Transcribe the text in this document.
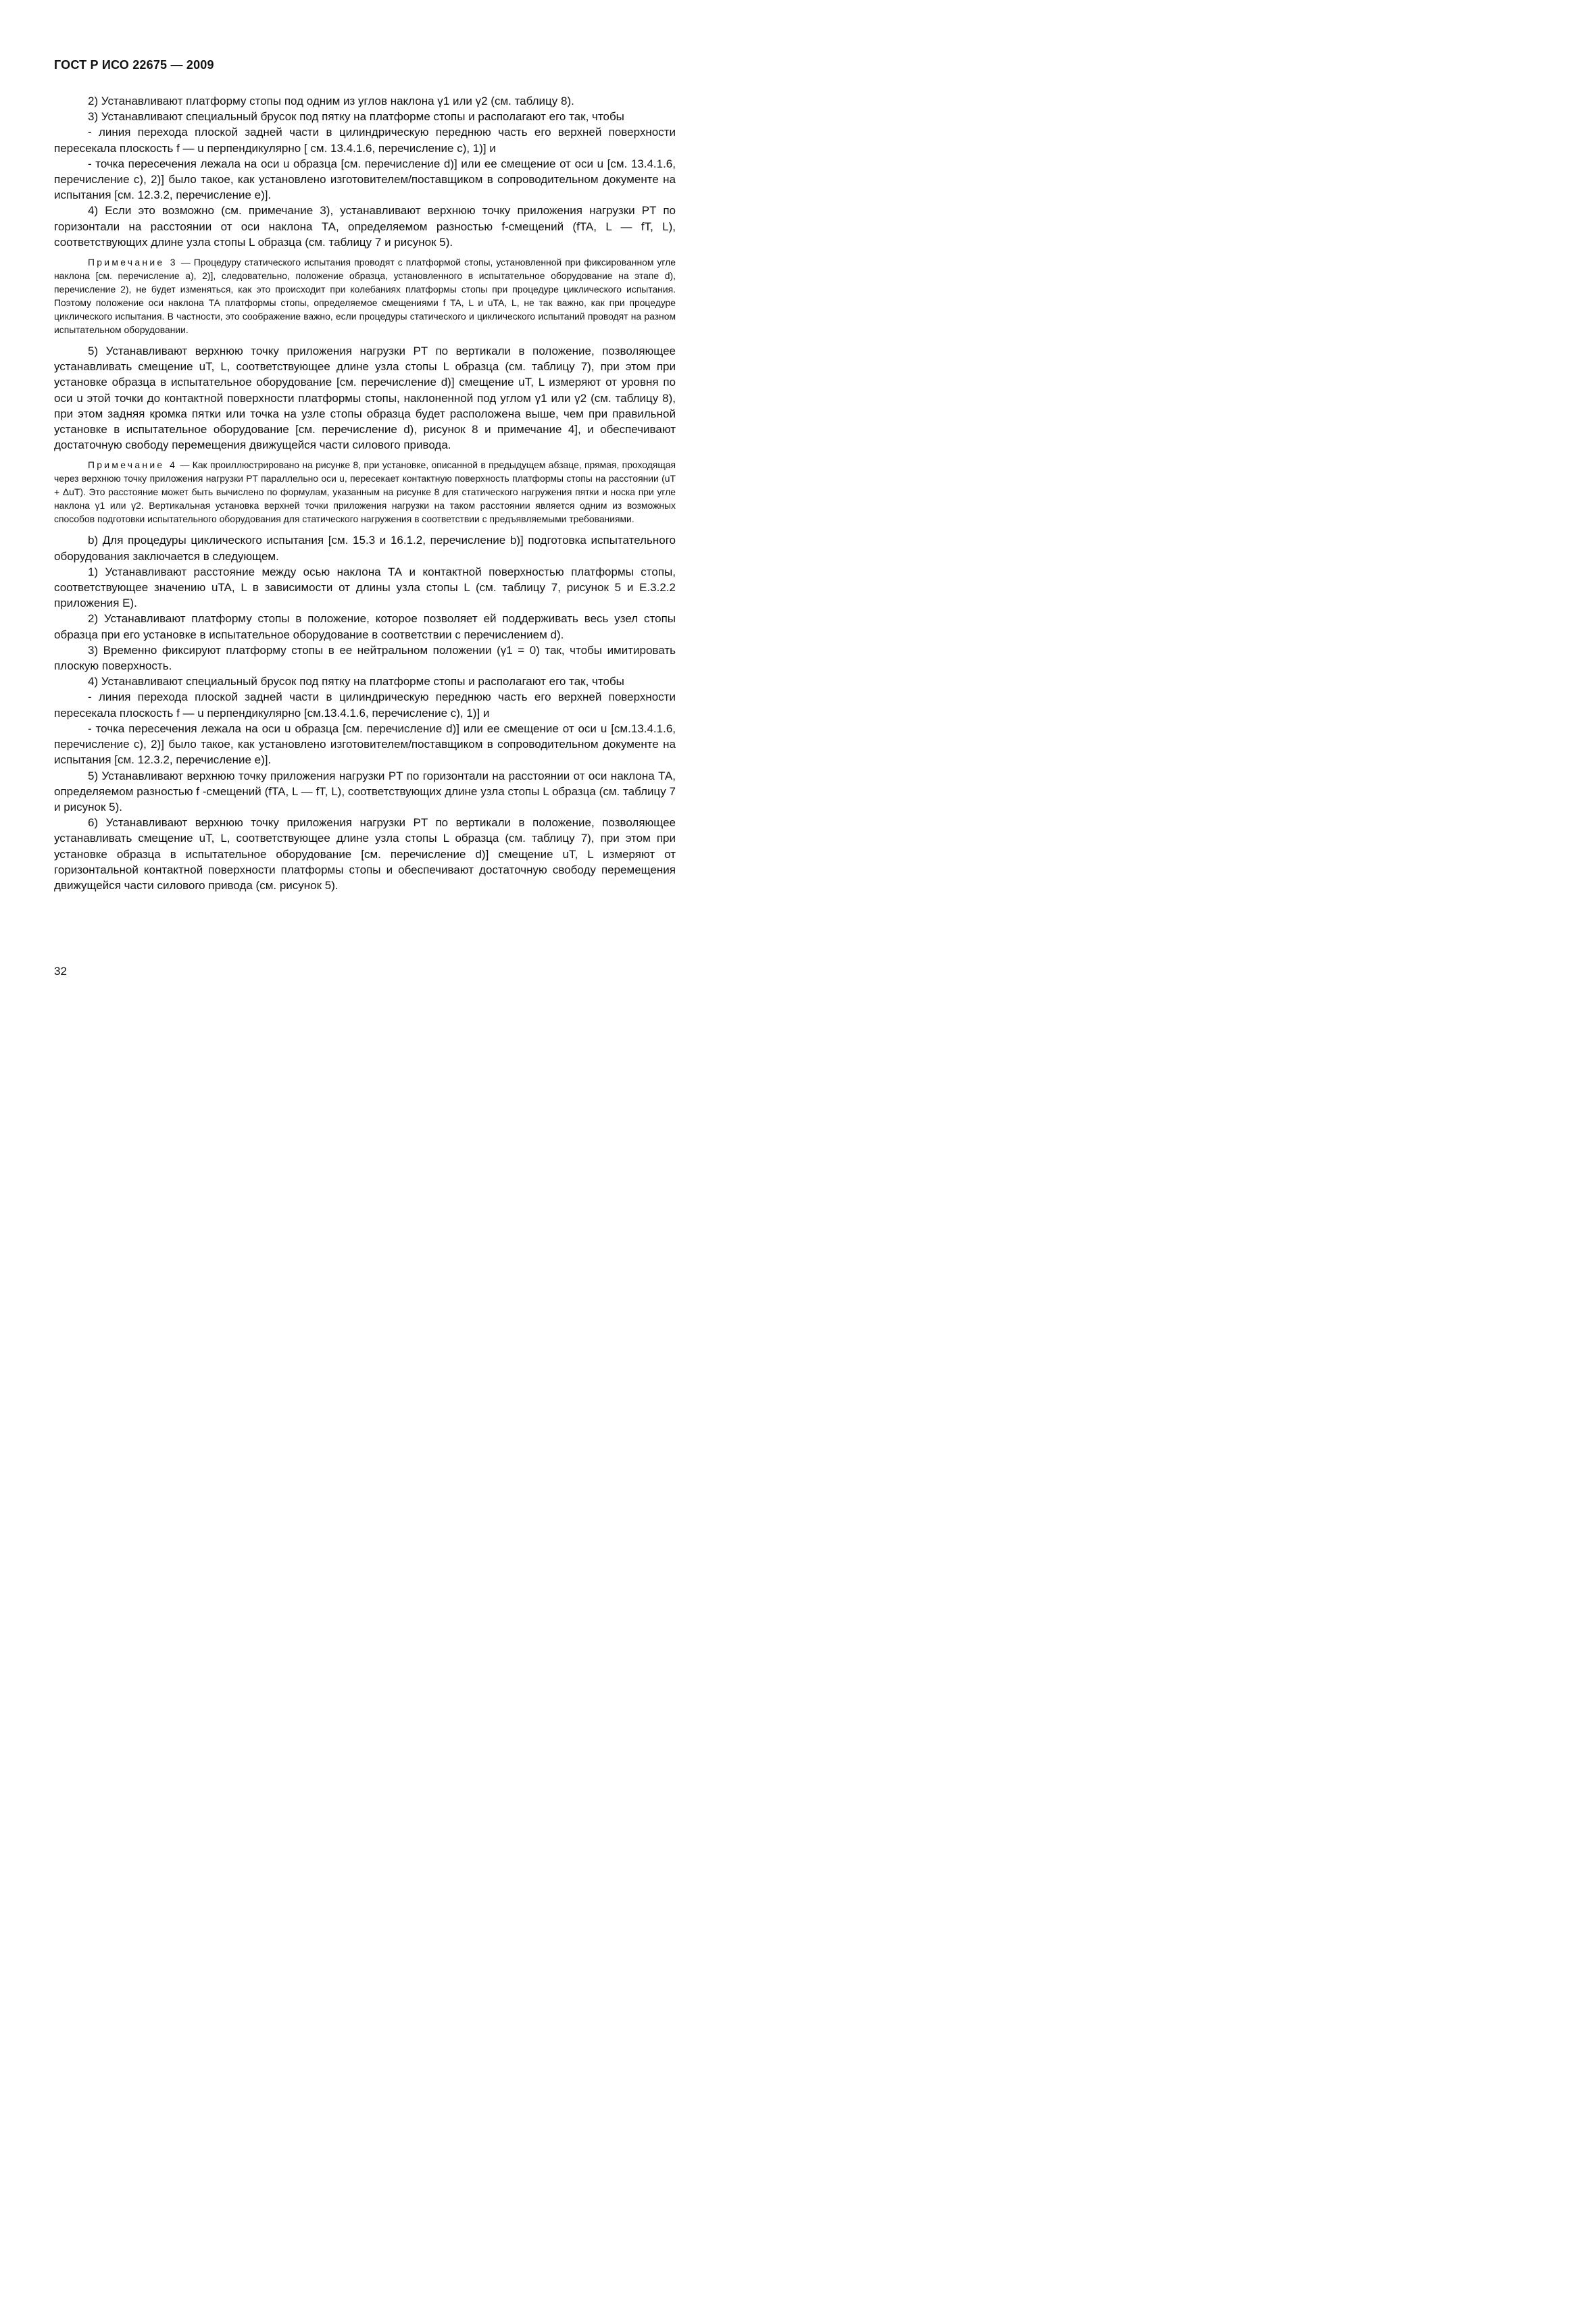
ГОСТ Р ИСО 22675 — 2009

2) Устанавливают платформу стопы под одним из углов наклона γ1 или γ2 (см. таблицу 8).

3) Устанавливают специальный брусок под пятку на платформе стопы и располагают его так, чтобы

- линия перехода плоской задней части в цилиндрическую переднюю часть его верхней поверхности пересекала плоскость f — u перпендикулярно [ см. 13.4.1.6, перечисление с), 1)] и

- точка пересечения лежала на оси u образца [см. перечисление d)] или ее смещение от оси u [см. 13.4.1.6, перечисление с), 2)] было такое, как установлено изготовителем/поставщиком в сопроводительном документе на испытания [см. 12.3.2, перечисление е)].

4) Если это возможно (см. примечание 3), устанавливают верхнюю точку приложения нагрузки PT по горизонтали на расстоянии от оси наклона ТА, определяемом разностью f-смещений (fTA, L — fT, L), соответствующих длине узла стопы L образца (см. таблицу 7 и рисунок 5).

Примечание 3 — Процедуру статического испытания проводят с платформой стопы, установленной при фиксированном угле наклона [см. перечисление а), 2)], следовательно, положение образца, установленного в испытательное оборудование на этапе d), перечисление 2), не будет изменяться, как это происходит при колебаниях платформы стопы при процедуре циклического испытания. Поэтому положение оси наклона ТА платформы стопы, определяемое смещениями f TA, L и uTA, L, не так важно, как при процедуре циклического испытания. В частности, это соображение важно, если процедуры статического и циклического испытаний проводят на разном испытательном оборудовании.

5) Устанавливают верхнюю точку приложения нагрузки PT по вертикали в положение, позволяющее устанавливать смещение uT, L, соответствующее длине узла стопы L образца (см. таблицу 7), при этом при установке образца в испытательное оборудование [см. перечисление d)] смещение uT, L измеряют от уровня по оси u этой точки до контактной поверхности платформы стопы, наклоненной под углом γ1 или γ2 (см. таблицу 8), при этом задняя кромка пятки или точка на узле стопы образца будет расположена выше, чем при правильной установке в испытательное оборудование [см. перечисление d), рисунок 8 и примечание 4], и обеспечивают достаточную свободу перемещения движущейся части силового привода.

Примечание 4 — Как проиллюстрировано на рисунке 8, при установке, описанной в предыдущем абзаце, прямая, проходящая через верхнюю точку приложения нагрузки PT параллельно оси u, пересекает контактную поверхность платформы стопы на расстоянии (uT + ΔuT). Это расстояние может быть вычислено по формулам, указанным на рисунке 8 для статического нагружения пятки и носка при угле наклона γ1 или γ2. Вертикальная установка верхней точки приложения нагрузки на таком расстоянии является одним из возможных способов подготовки испытательного оборудования для статического нагружения в соответствии с предъявляемыми требованиями.

b) Для процедуры циклического испытания [см. 15.3 и 16.1.2, перечисление b)] подготовка испытательного оборудования заключается в следующем.

1) Устанавливают расстояние между осью наклона ТА и контактной поверхностью платформы стопы, соответствующее значению uTA, L в зависимости от длины узла стопы L (см. таблицу 7, рисунок 5 и Е.3.2.2 приложения Е).

2) Устанавливают платформу стопы в положение, которое позволяет ей поддерживать весь узел стопы образца при его установке в испытательное оборудование в соответствии с перечислением d).

3) Временно фиксируют платформу стопы в ее нейтральном положении (γ1 = 0) так, чтобы имитировать плоскую поверхность.

4) Устанавливают специальный брусок под пятку на платформе стопы и располагают его так, чтобы

- линия перехода плоской задней части в цилиндрическую переднюю часть его верхней поверхности пересекала плоскость f — u перпендикулярно [см.13.4.1.6, перечисление с), 1)] и

- точка пересечения лежала на оси u образца [см. перечисление d)] или ее смещение от оси u [см.13.4.1.6, перечисление с), 2)] было такое, как установлено изготовителем/поставщиком в сопроводительном документе на испытания [см. 12.3.2, перечисление е)].

5) Устанавливают верхнюю точку приложения нагрузки PT по горизонтали на расстоянии от оси наклона ТА, определяемом разностью f -смещений (fTA, L — fT, L), соответствующих длине узла стопы L образца (см. таблицу 7 и рисунок 5).

6) Устанавливают верхнюю точку приложения нагрузки PT по вертикали в положение, позволяющее устанавливать смещение uT, L, соответствующее длине узла стопы L образца (см. таблицу 7), при этом при установке образца в испытательное оборудование [см. перечисление d)] смещение uT, L измеряют от горизонтальной контактной поверхности платформы стопы и обеспечивают достаточную свободу перемещения движущейся части силового привода (см. рисунок 5).

32
